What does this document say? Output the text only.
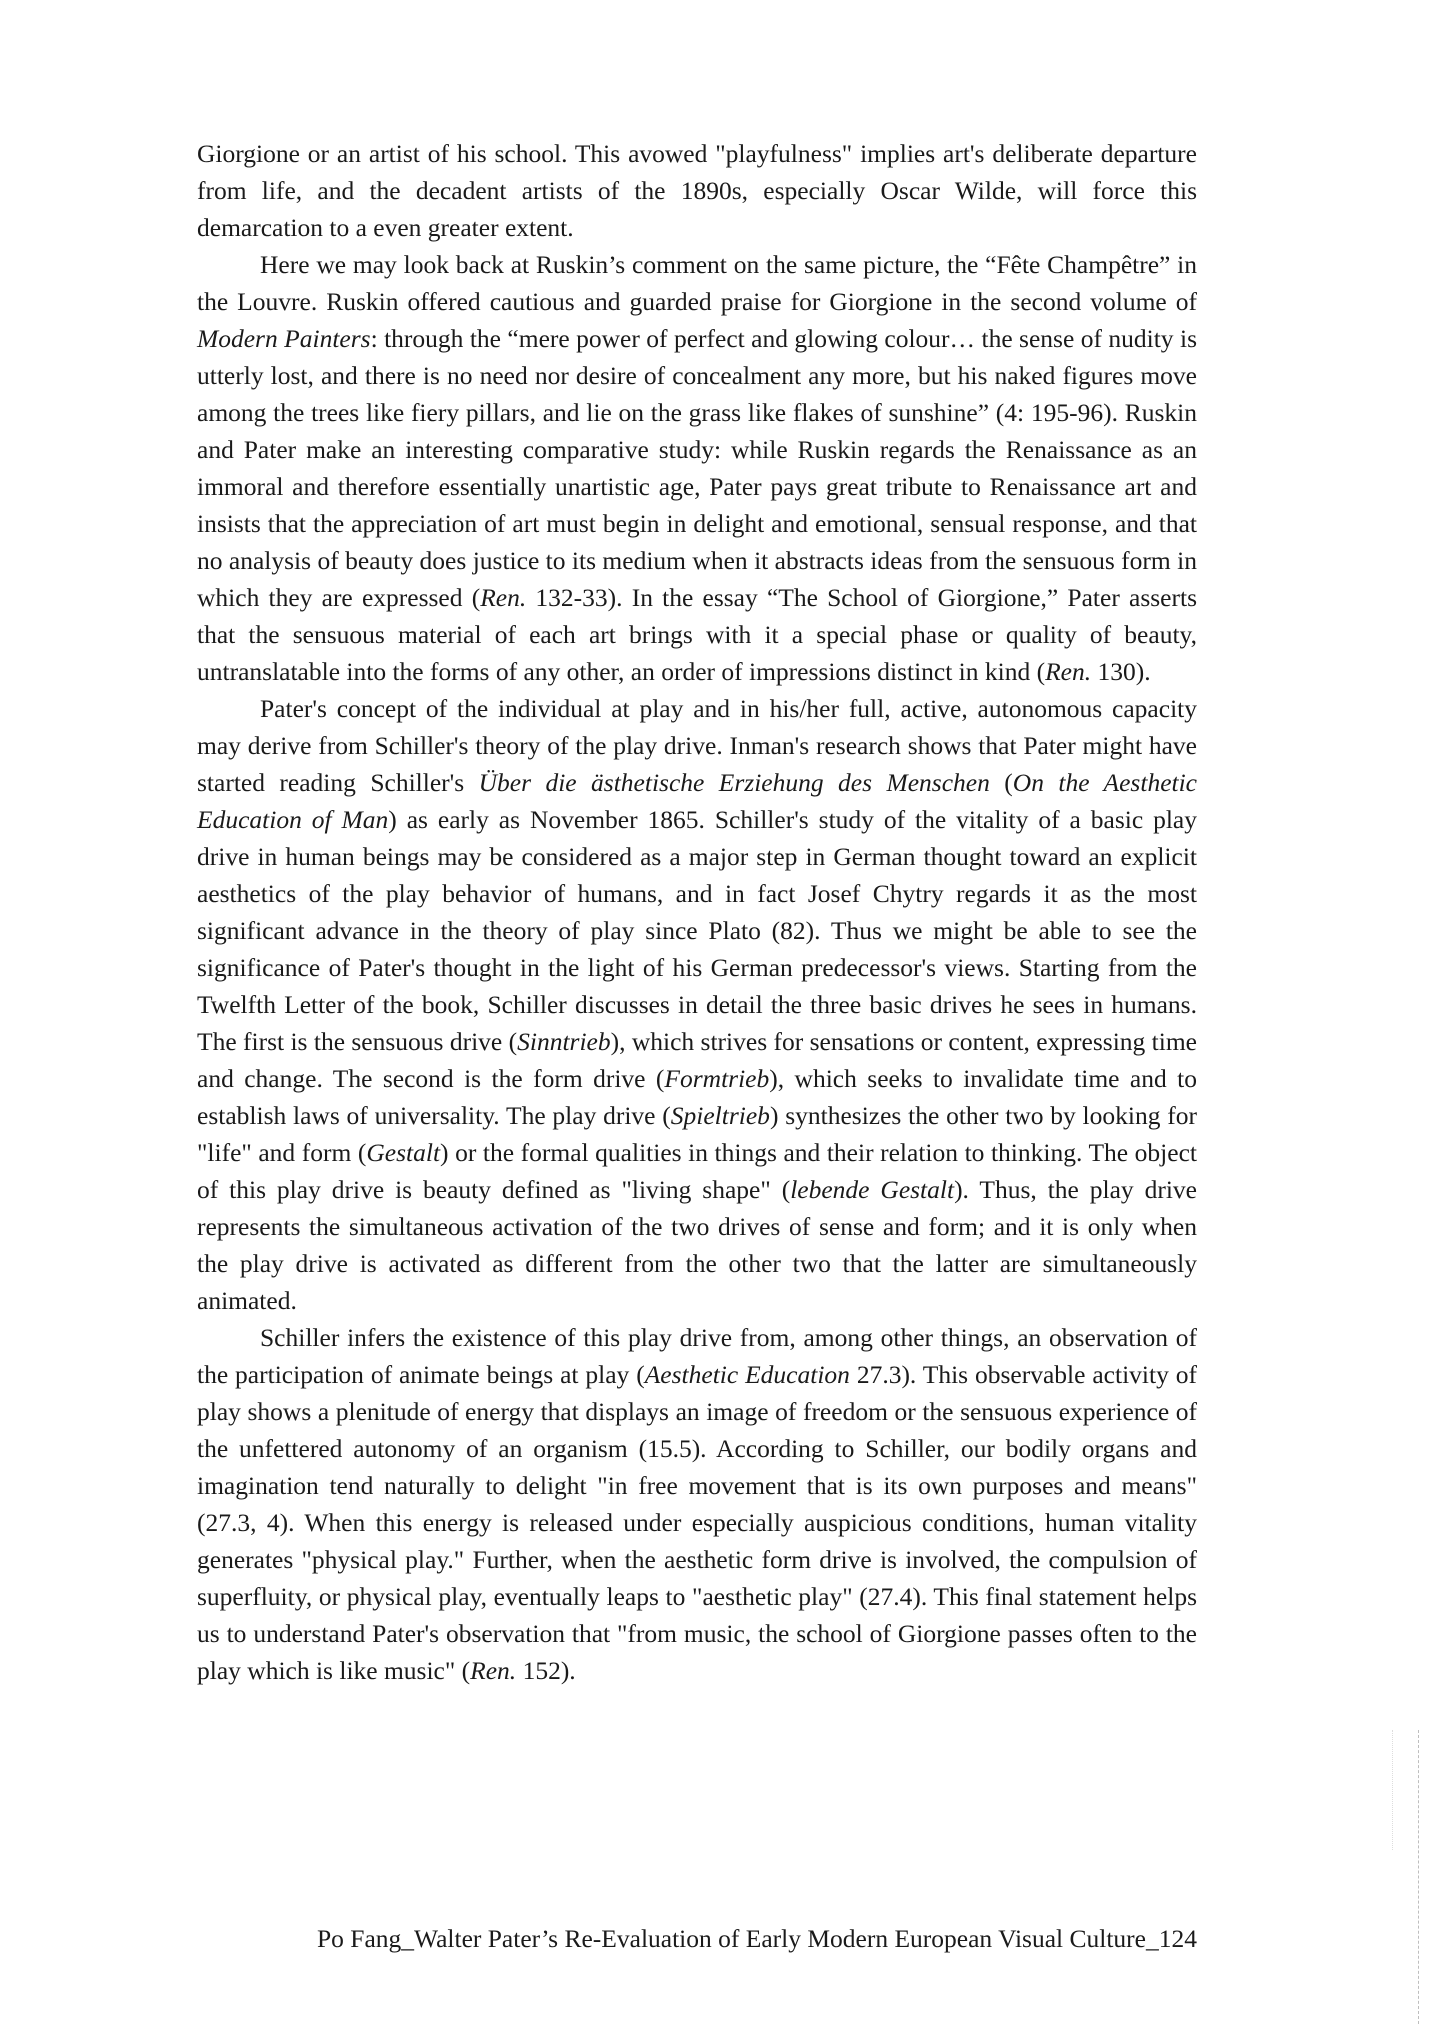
Giorgione or an artist of his school. This avowed "playfulness" implies art's deliberate departure from life, and the decadent artists of the 1890s, especially Oscar Wilde, will force this demarcation to a even greater extent.

Here we may look back at Ruskin’s comment on the same picture, the “Fête Champêtre” in the Louvre. Ruskin offered cautious and guarded praise for Giorgione in the second volume of Modern Painters: through the “mere power of perfect and glowing colour… the sense of nudity is utterly lost, and there is no need nor desire of concealment any more, but his naked figures move among the trees like fiery pillars, and lie on the grass like flakes of sunshine” (4: 195-96). Ruskin and Pater make an interesting comparative study: while Ruskin regards the Renaissance as an immoral and therefore essentially unartistic age, Pater pays great tribute to Renaissance art and insists that the appreciation of art must begin in delight and emotional, sensual response, and that no analysis of beauty does justice to its medium when it abstracts ideas from the sensuous form in which they are expressed (Ren. 132-33). In the essay “The School of Giorgione,” Pater asserts that the sensuous material of each art brings with it a special phase or quality of beauty, untranslatable into the forms of any other, an order of impressions distinct in kind (Ren. 130).

Pater's concept of the individual at play and in his/her full, active, autonomous capacity may derive from Schiller's theory of the play drive. Inman's research shows that Pater might have started reading Schiller's Über die ästhetische Erziehung des Menschen (On the Aesthetic Education of Man) as early as November 1865. Schiller's study of the vitality of a basic play drive in human beings may be considered as a major step in German thought toward an explicit aesthetics of the play behavior of humans, and in fact Josef Chytry regards it as the most significant advance in the theory of play since Plato (82). Thus we might be able to see the significance of Pater's thought in the light of his German predecessor's views. Starting from the Twelfth Letter of the book, Schiller discusses in detail the three basic drives he sees in humans. The first is the sensuous drive (Sinntrieb), which strives for sensations or content, expressing time and change. The second is the form drive (Formtrieb), which seeks to invalidate time and to establish laws of universality. The play drive (Spieltrieb) synthesizes the other two by looking for "life" and form (Gestalt) or the formal qualities in things and their relation to thinking. The object of this play drive is beauty defined as "living shape" (lebende Gestalt). Thus, the play drive represents the simultaneous activation of the two drives of sense and form; and it is only when the play drive is activated as different from the other two that the latter are simultaneously animated.

Schiller infers the existence of this play drive from, among other things, an observation of the participation of animate beings at play (Aesthetic Education 27.3). This observable activity of play shows a plenitude of energy that displays an image of freedom or the sensuous experience of the unfettered autonomy of an organism (15.5). According to Schiller, our bodily organs and imagination tend naturally to delight "in free movement that is its own purposes and means" (27.3, 4). When this energy is released under especially auspicious conditions, human vitality generates "physical play." Further, when the aesthetic form drive is involved, the compulsion of superfluity, or physical play, eventually leaps to "aesthetic play" (27.4). This final statement helps us to understand Pater's observation that "from music, the school of Giorgione passes often to the play which is like music" (Ren. 152).

Po Fang_Walter Pater’s Re-Evaluation of Early Modern European Visual Culture_124
